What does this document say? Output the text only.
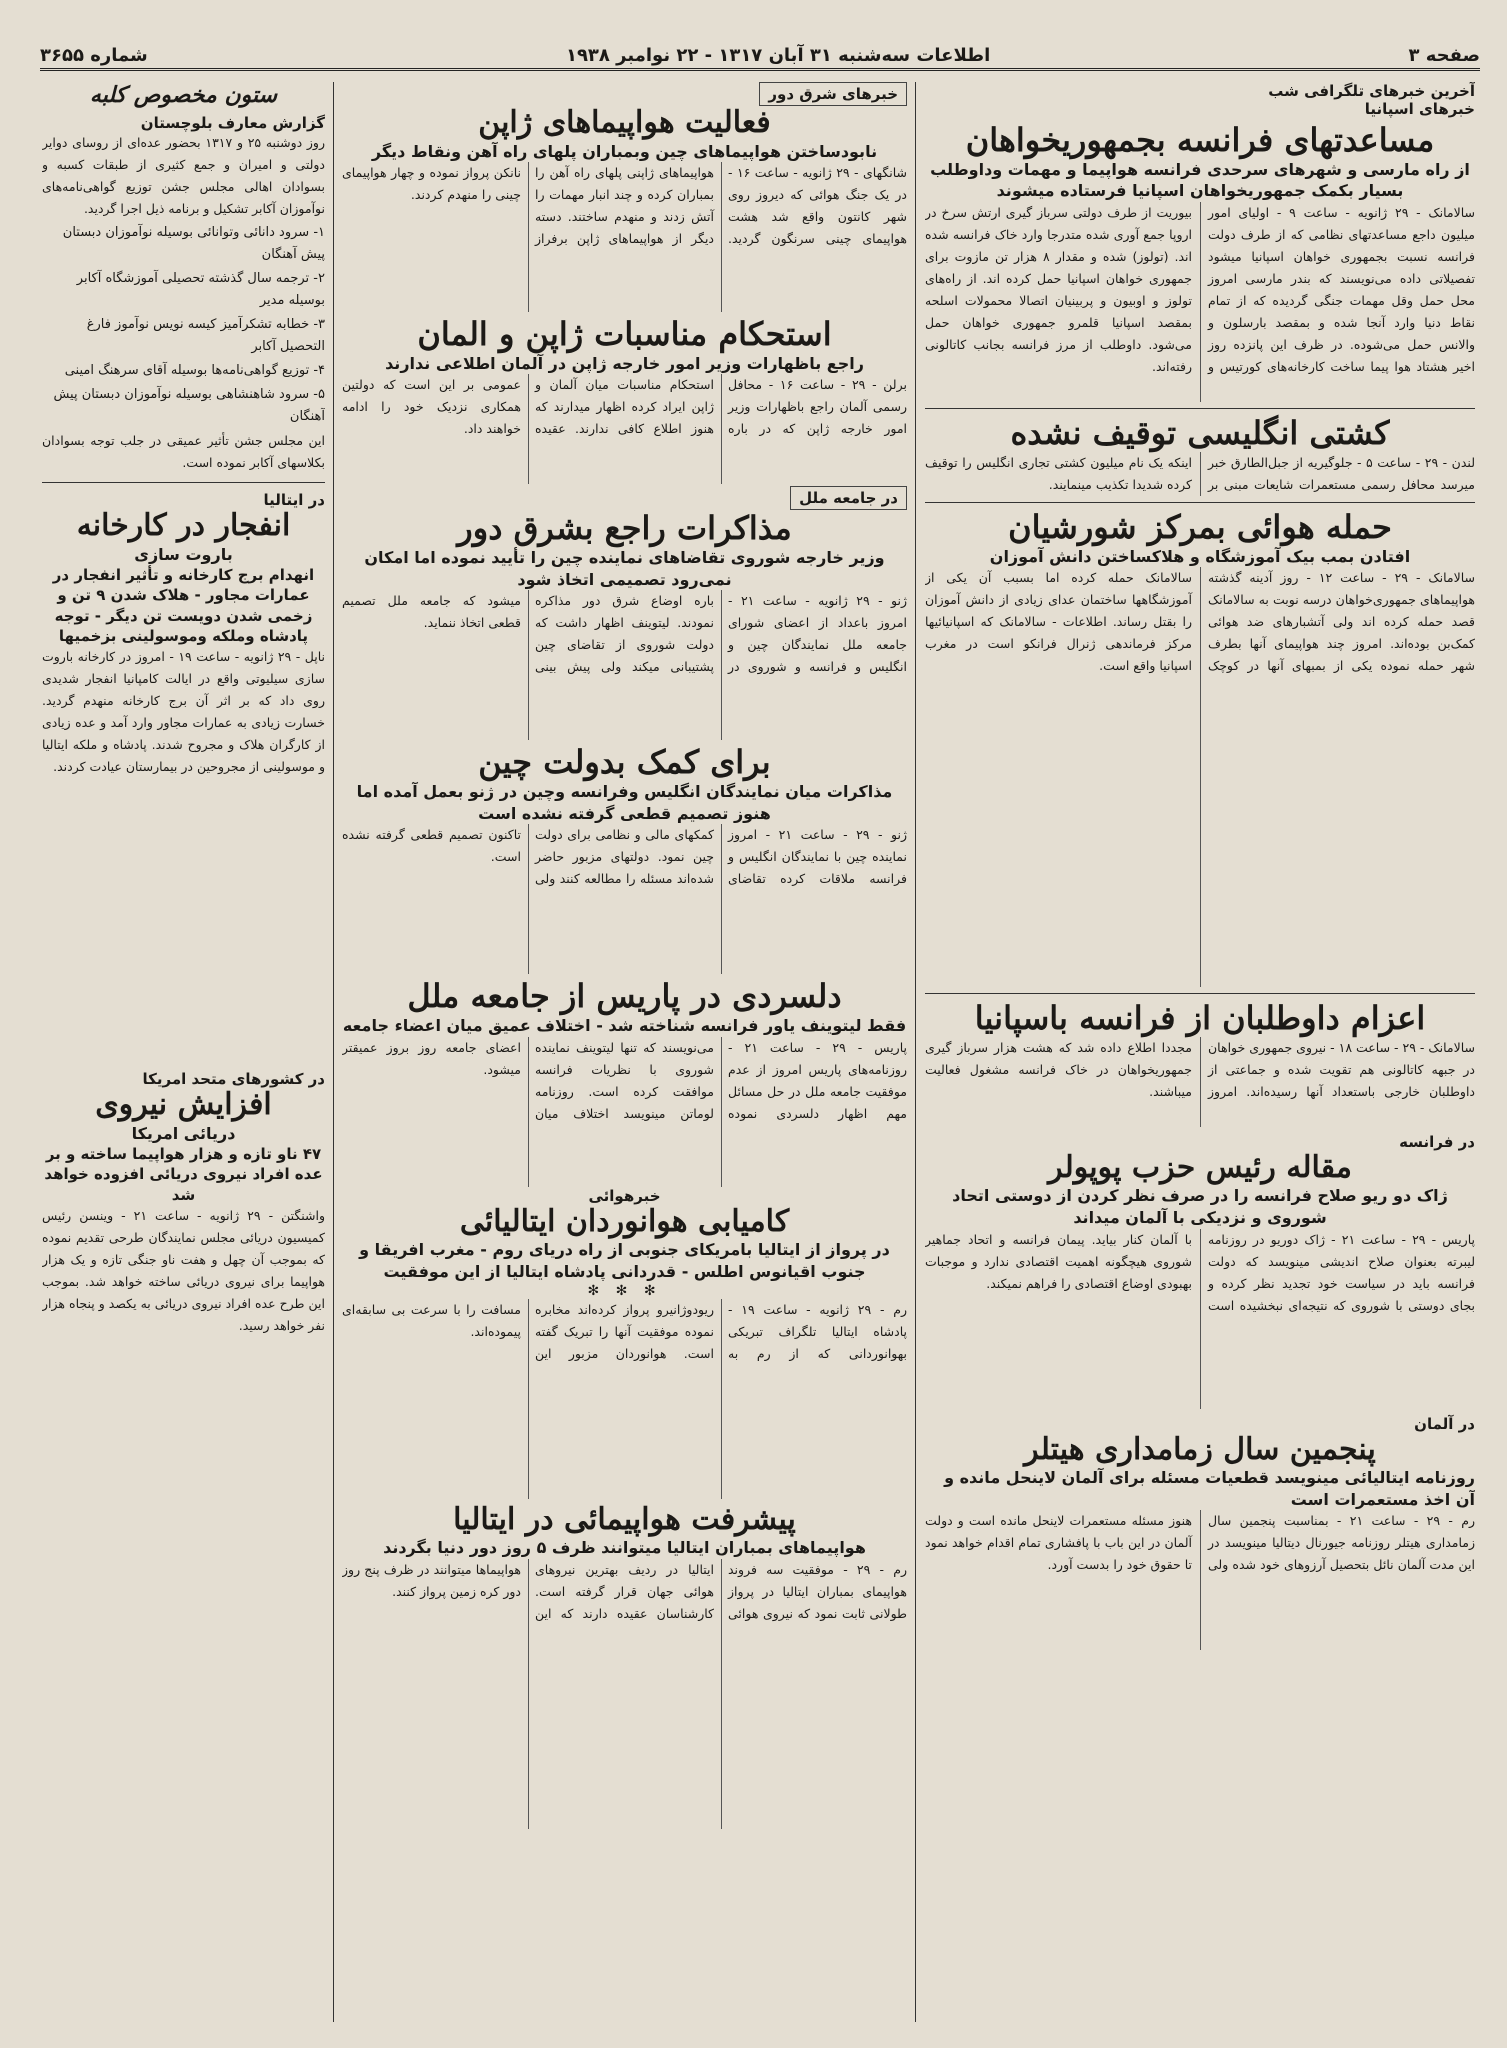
صفحه ۳
اطلاعات سه‌شنبه ۳۱ آبان ۱۳۱۷ - ۲۲ نوامبر ۱۹۳۸
شماره ۳۶۵۵
آخرین خبرهای تلگرافی شب
خبرهای اسپانیا
مساعدتهای فرانسه بجمهوریخواهان
از راه مارسی و شهرهای سرحدی فرانسه هواپیما و مهمات وداوطلب بسیار بکمک جمهوریخواهان اسپانیا فرستاده میشوند
سالامانک - ۲۹ ژانویه - ساعت ۹ - اولیای امور میلیون داجع مساعدتهای نظامی که از طرف دولت فرانسه نسبت بجمهوری خواهان اسپانیا میشود تفصیلاتی داده می‌نویسند که بندر مارسی امروز محل حمل وقل مهمات جنگی گردیده که از تمام نقاط دنیا وارد آنجا شده و بمقصد بارسلون و والانس حمل می‌شوده. در ظرف این پانزده روز اخیر هشتاد هوا پیما ساخت کارخانه‌های کورتیس و بیوریت از طرف دولتی سرباز گیری ارتش سرخ در اروپا جمع آوری شده متدرجا وارد خاک فرانسه شده اند. (تولوز) شده و مقدار ۸ هزار تن مازوت برای جمهوری خواهان اسپانیا حمل کرده اند. از راه‌های تولوز و اوبیون و پربینیان اتصالا محمولات اسلحه بمقصد اسپانیا قلمرو جمهوری خواهان حمل می‌شود. داوطلب از مرز فرانسه بجانب کاتالونی رفته‌اند.
کشتی انگلیسی توقیف نشده
لندن - ۲۹ - ساعت ۵ - جلوگیریه از جبل‌الطارق خبر میرسد محافل رسمی مستعمرات شایعات مبنی بر اینکه یک نام میلیون کشتی تجاری انگلیس را توقیف کرده شدیدا تکذیب مینمایند.
حمله هوائی بمرکز شورشیان
افتادن بمب بیک آموزشگاه و هلاکساختن دانش آموزان
سالامانک - ۲۹ - ساعت ۱۲ - روز آدینه گذشته هواپیماهای جمهوری‌خواهان درسه نوبت به سالامانک قصد حمله کرده اند ولی آتشبارهای ضد هوائی کمک‌بن بوده‌اند. امروز چند هواپیمای آنها بطرف شهر حمله نموده یکی از بمبهای آنها در کوچک سالامانک حمله کرده اما بسبب آن یکی از آموزشگاهها ساختمان عدای زیادی از دانش آموزان را بقتل رساند. اطلاعات - سالامانک که اسپانیائیها مرکز فرماندهی ژنرال فرانکو است در مغرب اسپانیا واقع است.
اعزام داوطلبان از فرانسه باسپانیا
سالامانک - ۲۹ - ساعت ۱۸ - نیروی جمهوری خواهان در جبهه کاتالونی هم تقویت شده و جماعتی از داوطلبان خارجی باستعداد آنها رسیده‌اند. امروز مجددا اطلاع داده شد که هشت هزار سرباز گیری جمهوریخواهان در خاک فرانسه مشغول فعالیت میباشند.
در فرانسه
مقاله رئیس حزب پوپولر
ژاک دو ریو صلاح فرانسه را در صرف نظر کردن از دوستی اتحاد شوروی و نزدیکی با آلمان میداند
پاریس - ۲۹ - ساعت ۲۱ - ژاک دوریو در روزنامه لیبرته بعنوان صلاح اندیشی مینویسد که دولت فرانسه باید در سیاست خود تجدید نظر کرده و بجای دوستی با شوروی که نتیجه‌ای نبخشیده است با آلمان کنار بیاید. پیمان فرانسه و اتحاد جماهیر شوروی هیچگونه اهمیت اقتصادی ندارد و موجبات بهبودی اوضاع اقتصادی را فراهم نمیکند.
در آلمان
پنجمین سال زمامداری هیتلر
روزنامه ایتالیائی مینویسد قطعیات مسئله برای آلمان لاینحل مانده و آن اخذ مستعمرات است
رم - ۲۹ - ساعت ۲۱ - بمناسبت پنجمین سال زمامداری هیتلر روزنامه جیورنال دیتالیا مینویسد در این مدت آلمان نائل بتحصیل آرزوهای خود شده ولی هنوز مسئله مستعمرات لاینحل مانده است و دولت آلمان در این باب با پافشاری تمام اقدام خواهد نمود تا حقوق خود را بدست آورد.
خبرهای شرق دور
فعالیت هواپیماهای ژاپن
نابودساختن هواپیماهای چین وبمباران پلهای راه آهن ونقاط دیگر
شانگهای - ۲۹ ژانویه - ساعت ۱۶ - در یک جنگ هوائی که دیروز روی شهر کانتون واقع شد هشت هواپیمای چینی سرنگون گردید. هواپیماهای ژاپنی پلهای راه آهن را بمباران کرده و چند انبار مهمات را آتش زدند و منهدم ساختند. دسته دیگر از هواپیماهای ژاپن برفراز نانکن پرواز نموده و چهار هواپیمای چینی را منهدم کردند.
استحکام مناسبات ژاپن و المان
راجع باظهارات وزیر امور خارجه ژاپن در آلمان اطلاعی ندارند
برلن - ۲۹ - ساعت ۱۶ - محافل رسمی آلمان راجع باظهارات وزیر امور خارجه ژاپن که در باره استحکام مناسبات میان آلمان و ژاپن ایراد کرده اظهار میدارند که هنوز اطلاع کافی ندارند. عقیده عمومی بر این است که دولتین همکاری نزدیک خود را ادامه خواهند داد.
در جامعه ملل
مذاکرات راجع بشرق دور
وزیر خارجه شوروی تقاضاهای نماینده چین را تأیید نموده اما امکان نمی‌رود تصمیمی اتخاذ شود
ژنو - ۲۹ ژانویه - ساعت ۲۱ - امروز باعداد از اعضای شورای جامعه ملل نمایندگان چین و انگلیس و فرانسه و شوروی در باره اوضاع شرق دور مذاکره نمودند. لیتوینف اظهار داشت که دولت شوروی از تقاضای چین پشتیبانی میکند ولی پیش بینی میشود که جامعه ملل تصمیم قطعی اتخاذ ننماید.
برای کمک بدولت چین
مذاکرات میان نمایندگان انگلیس وفرانسه وچین در ژنو بعمل آمده اما هنوز تصمیم قطعی گرفته نشده است
ژنو - ۲۹ - ساعت ۲۱ - امروز نماینده چین با نمایندگان انگلیس و فرانسه ملاقات کرده تقاضای کمکهای مالی و نظامی برای دولت چین نمود. دولتهای مزبور حاضر شده‌اند مسئله را مطالعه کنند ولی تاکنون تصمیم قطعی گرفته نشده است.
دلسردی در پاریس از جامعه ملل
فقط لیتوینف یاور فرانسه شناخته شد - اختلاف عمیق میان اعضاء جامعه
پاریس - ۲۹ - ساعت ۲۱ - روزنامه‌های پاریس امروز از عدم موفقیت جامعه ملل در حل مسائل مهم اظهار دلسردی نموده می‌نویسند که تنها لیتوینف نماینده شوروی با نظریات فرانسه موافقت کرده است. روزنامه لوماتن مینویسد اختلاف میان اعضای جامعه روز بروز عمیقتر میشود.
خبرهوائی
کامیابی هوانوردان ایتالیائی
در پرواز از ایتالیا بامریکای جنوبی از راه دریای روم - مغرب افریقا و جنوب اقیانوس اطلس - قدردانی پادشاه ایتالیا از این موفقیت
✻ ✻ ✻
رم - ۲۹ ژانویه - ساعت ۱۹ - پادشاه ایتالیا تلگراف تبریکی بهوانوردانی که از رم به ریودوژانیرو پرواز کرده‌اند مخابره نموده موفقیت آنها را تبریک گفته است. هوانوردان مزبور این مسافت را با سرعت بی سابقه‌ای پیموده‌اند.
پیشرفت هواپیمائی در ایتالیا
هواپیماهای بمباران ایتالیا میتوانند ظرف ۵ روز دور دنیا بگردند
رم - ۲۹ - موفقیت سه فروند هواپیمای بمباران ایتالیا در پرواز طولانی ثابت نمود که نیروی هوائی ایتالیا در ردیف بهترین نیروهای هوائی جهان قرار گرفته است. کارشناسان عقیده دارند که این هواپیماها میتوانند در ظرف پنج روز دور کره زمین پرواز کنند.
ستون مخصوص کلبه
گزارش معارف بلوچستان
روز دوشنبه ۲۵ و ۱۳۱۷ بحضور عده‌ای از روسای دوایر دولتی و امیران و جمع کثیری از طبقات کسبه و بسوادان اهالی مجلس جشن توزیع گواهی‌نامه‌های نوآموزان آکابر تشکیل و برنامه ذیل اجرا گردید.
۱- سرود دانائی وتوانائی بوسیله نوآموزان دبستان پیش آهنگان
۲- ترجمه سال گذشته تحصیلی آموزشگاه آکابر بوسیله مدیر
۳- خطابه تشکرآمیز کیسه نویس نوآموز فارغ التحصیل آکابر
۴- توزیع گواهی‌نامه‌ها بوسیله آقای سرهنگ امینی
۵- سرود شاهنشاهی بوسیله نوآموزان دبستان پیش آهنگان
این مجلس جشن تأثیر عمیقی در جلب توجه بسوادان بکلاسهای آکابر نموده است.
در ایتالیا
انفجار در کارخانه
باروت سازی
انهدام برج کارخانه و تأثیر انفجار در عمارات مجاور - هلاک شدن ۹ تن و زخمی شدن دویست تن دیگر - توجه پادشاه وملکه وموسولینی بزخمیها
ناپل - ۲۹ ژانویه - ساعت ۱۹ - امروز در کارخانه باروت سازی سیلیوتی واقع در ایالت کامپانیا انفجار شدیدی روی داد که بر اثر آن برج کارخانه منهدم گردید. خسارت زیادی به عمارات مجاور وارد آمد و عده زیادی از کارگران هلاک و مجروح شدند. پادشاه و ملکه ایتالیا و موسولینی از مجروحین در بیمارستان عیادت کردند.
در کشورهای متحد امریکا
افزایش نیروی
دریائی امریکا
۴۷ ناو تازه و هزار هواپیما ساخته و بر عده افراد نیروی دریائی افزوده خواهد شد
واشنگتن - ۲۹ ژانویه - ساعت ۲۱ - وینسن رئیس کمیسیون دریائی مجلس نمایندگان طرحی تقدیم نموده که بموجب آن چهل و هفت ناو جنگی تازه و یک هزار هواپیما برای نیروی دریائی ساخته خواهد شد. بموجب این طرح عده افراد نیروی دریائی به یکصد و پنجاه هزار نفر خواهد رسید.
